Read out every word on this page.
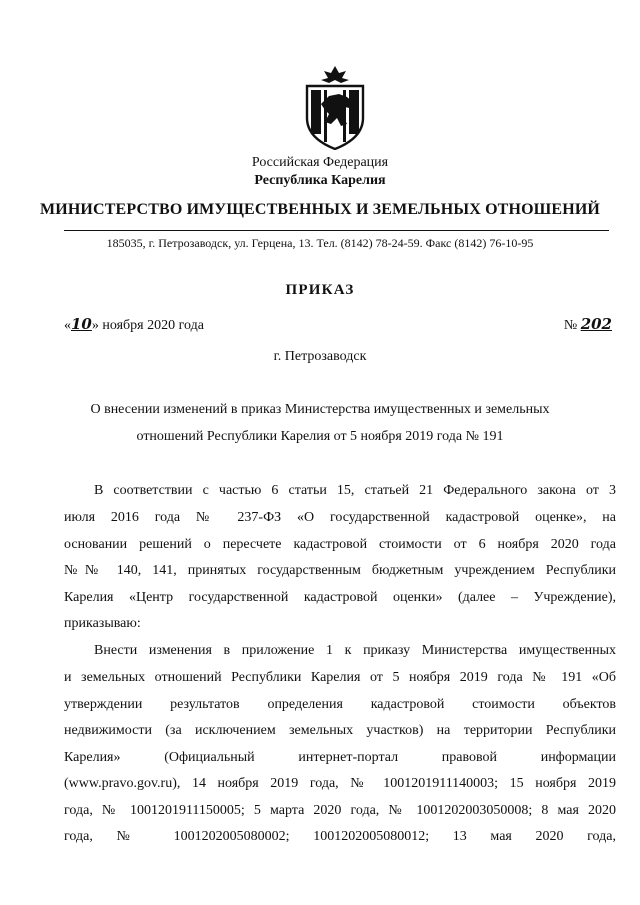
Российская Федерация
Республика Карелия
МИНИСТЕРСТВО ИМУЩЕСТВЕННЫХ И ЗЕМЕЛЬНЫХ ОТНОШЕНИЙ
185035, г. Петрозаводск, ул. Герцена, 13. Тел. (8142) 78-24-59. Факс (8142) 76-10-95
ПРИКАЗ
«10» ноября 2020 года	№ 202
г. Петрозаводск
О внесении изменений в приказ Министерства имущественных и земельных
отношений Республики Карелия от 5 ноября 2019 года № 191

В соответствии с частью 6 статьи 15, статьей 21 Федерального закона от 3

июля 2016 года № 237-ФЗ «О государственной кадастровой оценке», на

основании решений о пересчете кадастровой стоимости от 6 ноября 2020 года

№№ 140, 141, принятых государственным бюджетным учреждением Республики

Карелия «Центр государственной кадастровой оценки» (далее – Учреждение),

приказываю:

Внести изменения в приложение 1 к приказу Министерства имущественных

и земельных отношений Республики Карелия от 5 ноября 2019 года № 191 «Об

утверждении результатов определения кадастровой стоимости объектов

недвижимости (за исключением земельных участков) на территории Республики

Карелия» (Официальный интернет-портал правовой информации

(www.pravo.gov.ru), 14 ноября 2019 года, № 1001201911140003; 15 ноября 2019

года, № 1001201911150005; 5 марта 2020 года, № 1001202003050008; 8 мая 2020

года, № 1001202005080002; 1001202005080012; 13 мая 2020 года,
